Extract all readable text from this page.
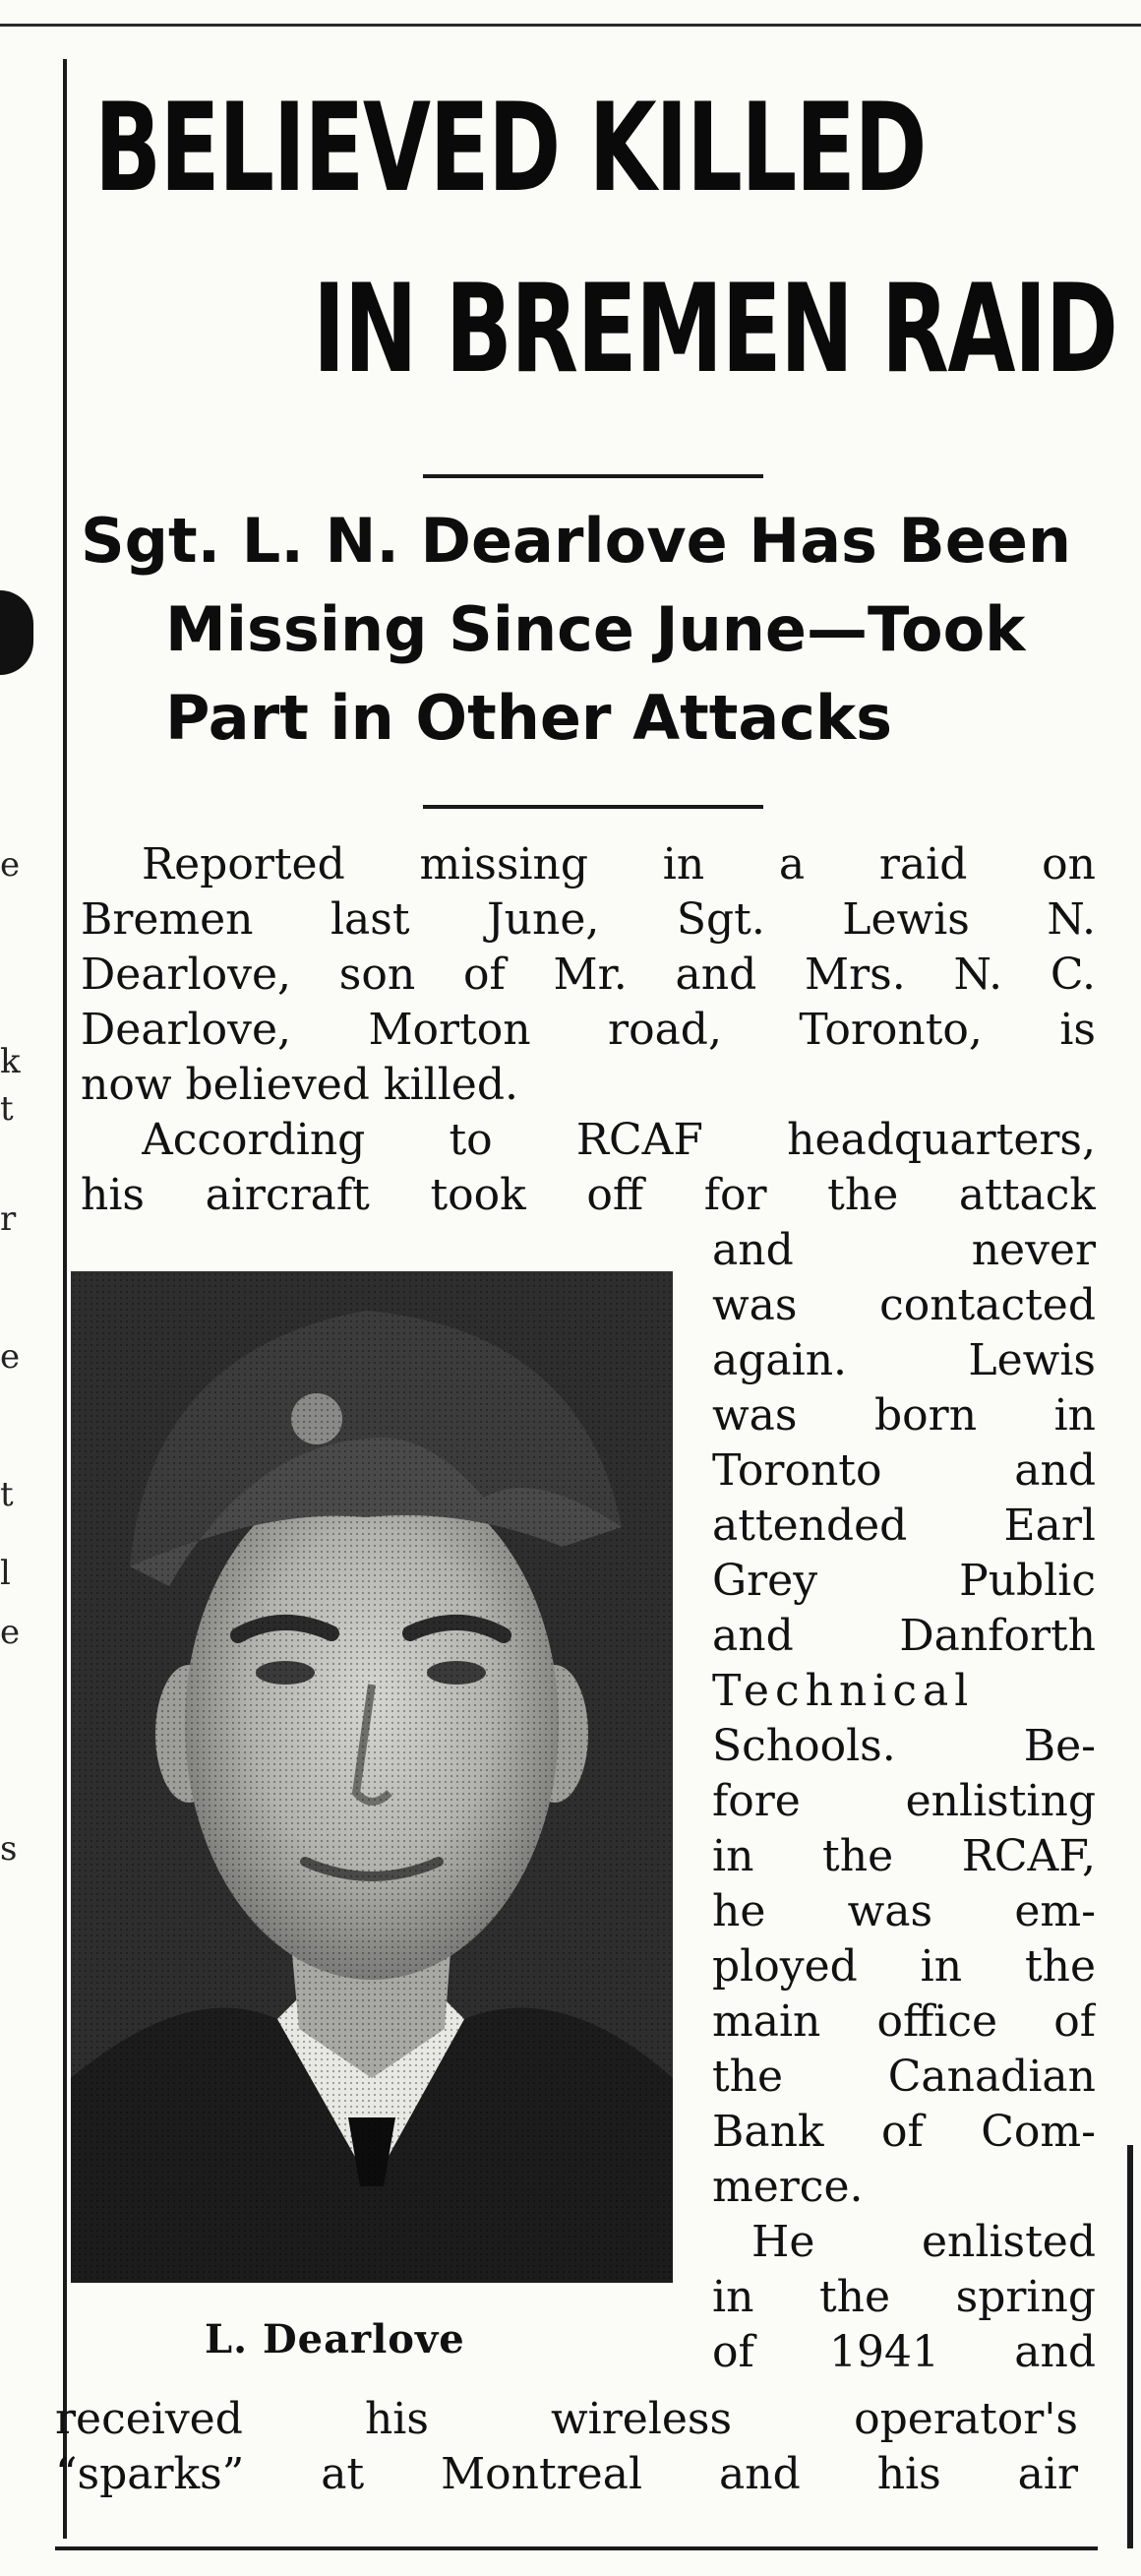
e
k
t
r
e
t
l
e
s
BELIEVED KILLED
IN BREMEN RAID
Sgt. L. N. Dearlove Has Been
Missing Since June—Took
Part in Other Attacks
Reported missing in a raid on
Bremen last June, Sgt. Lewis N.
Dearlove, son of Mr. and Mrs. N. C.
Dearlove, Morton road, Toronto, is
now believed killed.
According to RCAF headquarters,
his aircraft took off for the attack
L. Dearlove
and never
was contacted
again. Lewis
was born in
Toronto and
attended Earl
Grey Public
and Danforth
Technical
Schools. Be-
fore enlisting
in the RCAF,
he was em-
ployed in the
main office of
the Canadian
Bank of Com-
merce.
He enlisted
in the spring
of 1941 and
received his wireless operator's
“sparks” at Montreal and his air
